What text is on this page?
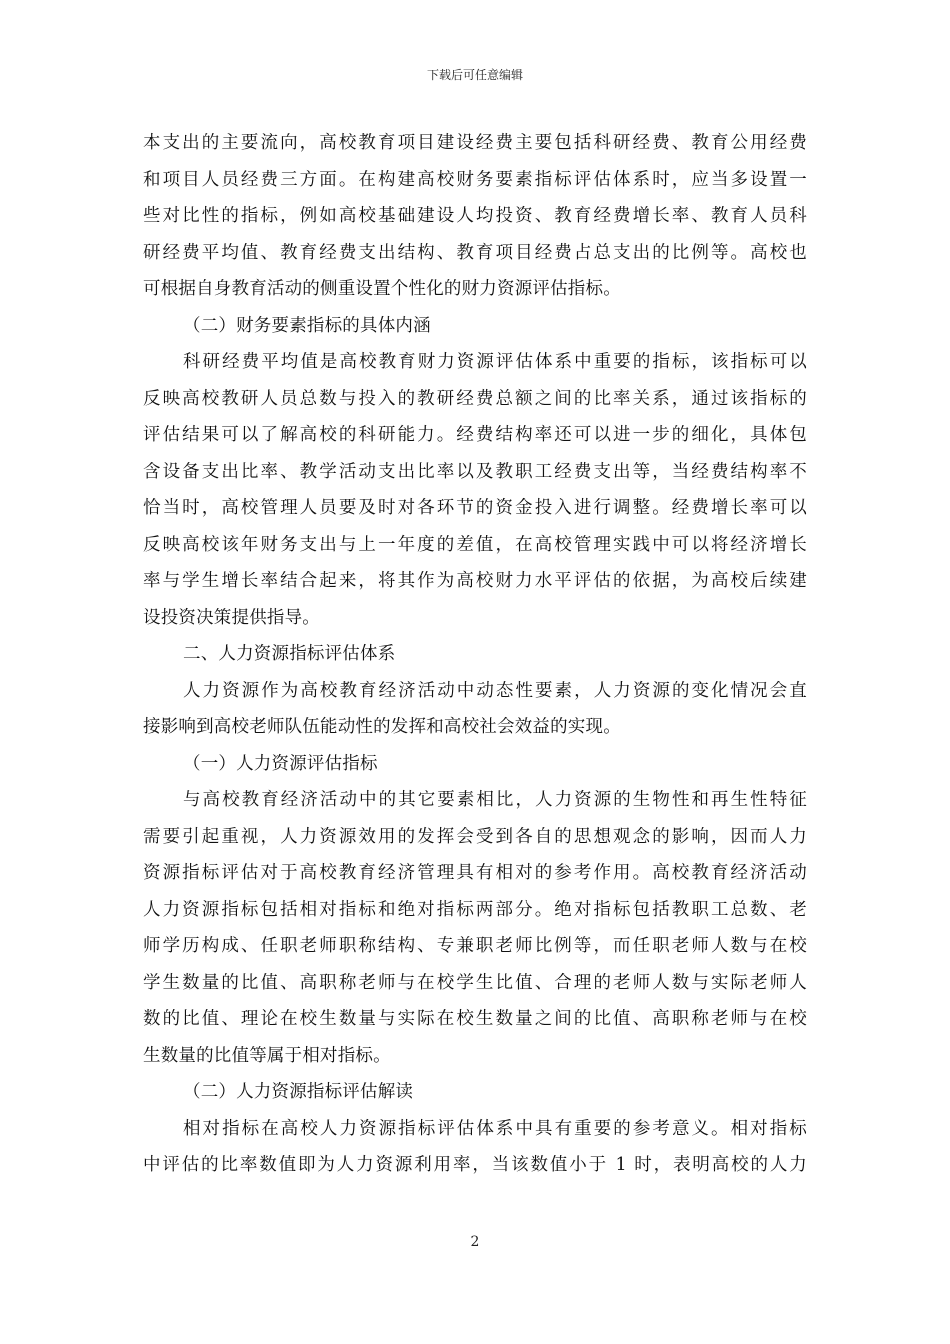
下载后可任意编辑
本支出的主要流向，高校教育项目建设经费主要包括科研经费、教育公用经费
和项目人员经费三方面。在构建高校财务要素指标评估体系时，应当多设置一
些对比性的指标，例如高校基础建设人均投资、教育经费增长率、教育人员科
研经费平均值、教育经费支出结构、教育项目经费占总支出的比例等。高校也
可根据自身教育活动的侧重设置个性化的财力资源评估指标。
（二）财务要素指标的具体内涵
科研经费平均值是高校教育财力资源评估体系中重要的指标，该指标可以
反映高校教研人员总数与投入的教研经费总额之间的比率关系，通过该指标的
评估结果可以了解高校的科研能力。经费结构率还可以进一步的细化，具体包
含设备支出比率、教学活动支出比率以及教职工经费支出等，当经费结构率不
恰当时，高校管理人员要及时对各环节的资金投入进行调整。经费增长率可以
反映高校该年财务支出与上一年度的差值，在高校管理实践中可以将经济增长
率与学生增长率结合起来，将其作为高校财力水平评估的依据，为高校后续建
设投资决策提供指导。
二、人力资源指标评估体系
人力资源作为高校教育经济活动中动态性要素，人力资源的变化情况会直
接影响到高校老师队伍能动性的发挥和高校社会效益的实现。
（一）人力资源评估指标
与高校教育经济活动中的其它要素相比，人力资源的生物性和再生性特征
需要引起重视，人力资源效用的发挥会受到各自的思想观念的影响，因而人力
资源指标评估对于高校教育经济管理具有相对的参考作用。高校教育经济活动
人力资源指标包括相对指标和绝对指标两部分。绝对指标包括教职工总数、老
师学历构成、任职老师职称结构、专兼职老师比例等，而任职老师人数与在校
学生数量的比值、高职称老师与在校学生比值、合理的老师人数与实际老师人
数的比值、理论在校生数量与实际在校生数量之间的比值、高职称老师与在校
生数量的比值等属于相对指标。
（二）人力资源指标评估解读
相对指标在高校人力资源指标评估体系中具有重要的参考意义。相对指标
中评估的比率数值即为人力资源利用率，当该数值小于 1 时，表明高校的人力
2
